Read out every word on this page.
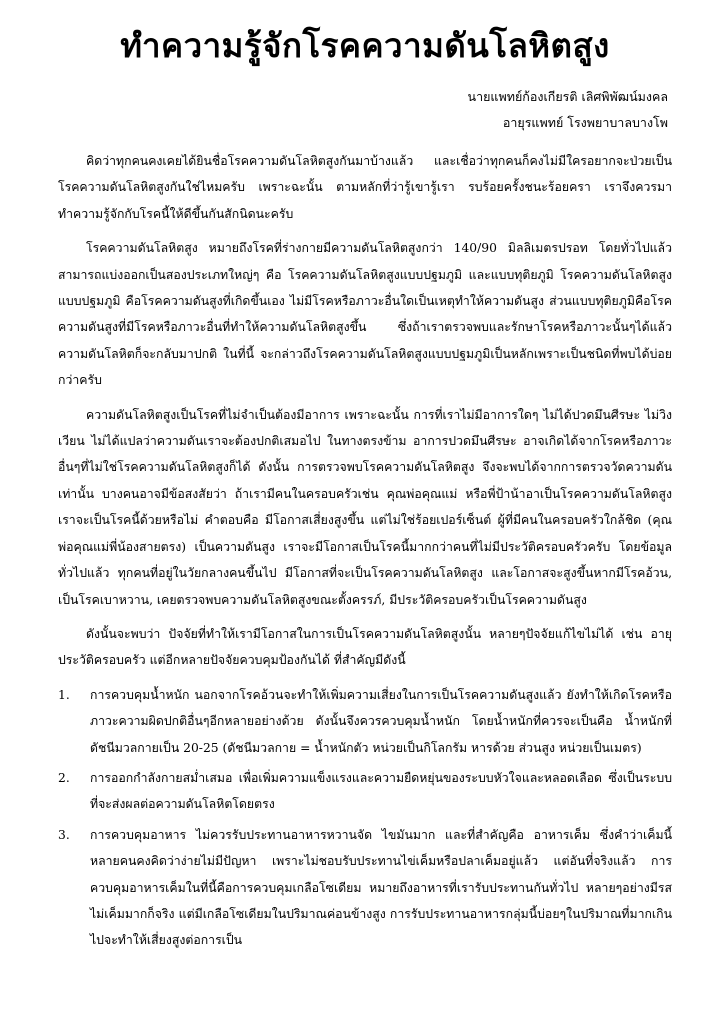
ทำความรู้จักโรคความดันโลหิตสูง
นายแพทย์ก้องเกียรติ เลิศพิพัฒน์มงคล
อายุรแพทย์ โรงพยาบาลบางโพ

คิดว่าทุกคนคงเคยได้ยินชื่อโรคความดันโลหิตสูงกันมาบ้างแล้ว และเชื่อว่าทุกคนก็คงไม่มีใครอยากจะป่วยเป็นโรคความดันโลหิตสูงกันใช่ไหมครับ เพราะฉะนั้น ตามหลักที่ว่ารู้เขารู้เรา รบร้อยครั้งชนะร้อยครา เราจึงควรมาทำความรู้จักกับโรคนี้ให้ดีขึ้นกันสักนิดนะครับ

โรคความดันโลหิตสูง หมายถึงโรคที่ร่างกายมีความดันโลหิตสูงกว่า 140/90 มิลลิเมตรปรอท โดยทั่วไปแล้ว สามารถแบ่งออกเป็นสองประเภทใหญ่ๆ คือ โรคความดันโลหิตสูงแบบปฐมภูมิ และแบบทุติยภูมิ โรคความดันโลหิตสูงแบบปฐมภูมิ คือโรคความดันสูงที่เกิดขึ้นเอง ไม่มีโรคหรือภาวะอื่นใดเป็นเหตุทำให้ความดันสูง ส่วนแบบทุติยภูมิคือโรคความดันสูงที่มีโรคหรือภาวะอื่นที่ทำให้ความดันโลหิตสูงขึ้น ซึ่งถ้าเราตรวจพบและรักษาโรคหรือภาวะนั้นๆได้แล้ว ความดันโลหิตก็จะกลับมาปกติ ในที่นี้ จะกล่าวถึงโรคความดันโลหิตสูงแบบปฐมภูมิเป็นหลักเพราะเป็นชนิดที่พบได้บ่อยกว่าครับ

ความดันโลหิตสูงเป็นโรคที่ไม่จำเป็นต้องมีอาการ เพราะฉะนั้น การที่เราไม่มีอาการใดๆ ไม่ได้ปวดมึนศีรษะ ไม่วิงเวียน ไม่ได้แปลว่าความดันเราจะต้องปกติเสมอไป ในทางตรงข้าม อาการปวดมึนศีรษะ อาจเกิดได้จากโรคหรือภาวะอื่นๆที่ไม่ใช่โรคความดันโลหิตสูงก็ได้ ดังนั้น การตรวจพบโรคความดันโลหิตสูง จึงจะพบได้จากการตรวจวัดความดันเท่านั้น บางคนอาจมีข้อสงสัยว่า ถ้าเรามีคนในครอบครัวเช่น คุณพ่อคุณแม่ หรือพี่ป้าน้าอาเป็นโรคความดันโลหิตสูง เราจะเป็นโรคนี้ด้วยหรือไม่ คำตอบคือ มีโอกาสเสี่ยงสูงขึ้น แต่ไม่ใช่ร้อยเปอร์เซ็นต์ ผู้ที่มีคนในครอบครัวใกล้ชิด (คุณพ่อคุณแม่พี่น้องสายตรง) เป็นความดันสูง เราจะมีโอกาสเป็นโรคนี้มากกว่าคนที่ไม่มีประวัติครอบครัวครับ โดยข้อมูลทั่วไปแล้ว ทุกคนที่อยู่ในวัยกลางคนขึ้นไป มีโอกาสที่จะเป็นโรคความดันโลหิตสูง และโอกาสจะสูงขึ้นหากมีโรคอ้วน, เป็นโรคเบาหวาน, เคยตรวจพบความดันโลหิตสูงขณะตั้งครรภ์, มีประวัติครอบครัวเป็นโรคความดันสูง

ดังนั้นจะพบว่า ปัจจัยที่ทำให้เรามีโอกาสในการเป็นโรคความดันโลหิตสูงนั้น หลายๆปัจจัยแก้ไขไม่ได้ เช่น อายุ ประวัติครอบครัว แต่อีกหลายปัจจัยควบคุมป้องกันได้ ที่สำคัญมีดังนี้

1. การควบคุมน้ำหนัก นอกจากโรคอ้วนจะทำให้เพิ่มความเสี่ยงในการเป็นโรคความดันสูงแล้ว ยังทำให้เกิดโรคหรือภาวะความผิดปกติอื่นๆอีกหลายอย่างด้วย ดังนั้นจึงควรควบคุมน้ำหนัก โดยน้ำหนักที่ควรจะเป็นคือ น้ำหนักที่ดัชนีมวลกายเป็น 20-25 (ดัชนีมวลกาย = น้ำหนักตัว หน่วยเป็นกิโลกรัม หารด้วย ส่วนสูง หน่วยเป็นเมตร)

2. การออกกำลังกายสม่ำเสมอ เพื่อเพิ่มความแข็งแรงและความยืดหยุ่นของระบบหัวใจและหลอดเลือด ซึ่งเป็นระบบที่จะส่งผลต่อความดันโลหิตโดยตรง

3. การควบคุมอาหาร ไม่ควรรับประทานอาหารหวานจัด ไขมันมาก และที่สำคัญคือ อาหารเค็ม ซึ่งคำว่าเค็มนี้ หลายคนคงคิดว่าง่ายไม่มีปัญหา เพราะไม่ชอบรับประทานไข่เค็มหรือปลาเค็มอยู่แล้ว แต่อันที่จริงแล้ว การควบคุมอาหารเค็มในที่นี้คือการควบคุมเกลือโซเดียม หมายถึงอาหารที่เรารับประทานกันทั่วไป หลายๆอย่างมีรสไม่เค็มมากก็จริง แต่มีเกลือโซเดียมในปริมาณค่อนข้างสูง การรับประทานอาหารกลุ่มนี้บ่อยๆในปริมาณที่มากเกินไปจะทำให้เสี่ยงสูงต่อการเป็น
